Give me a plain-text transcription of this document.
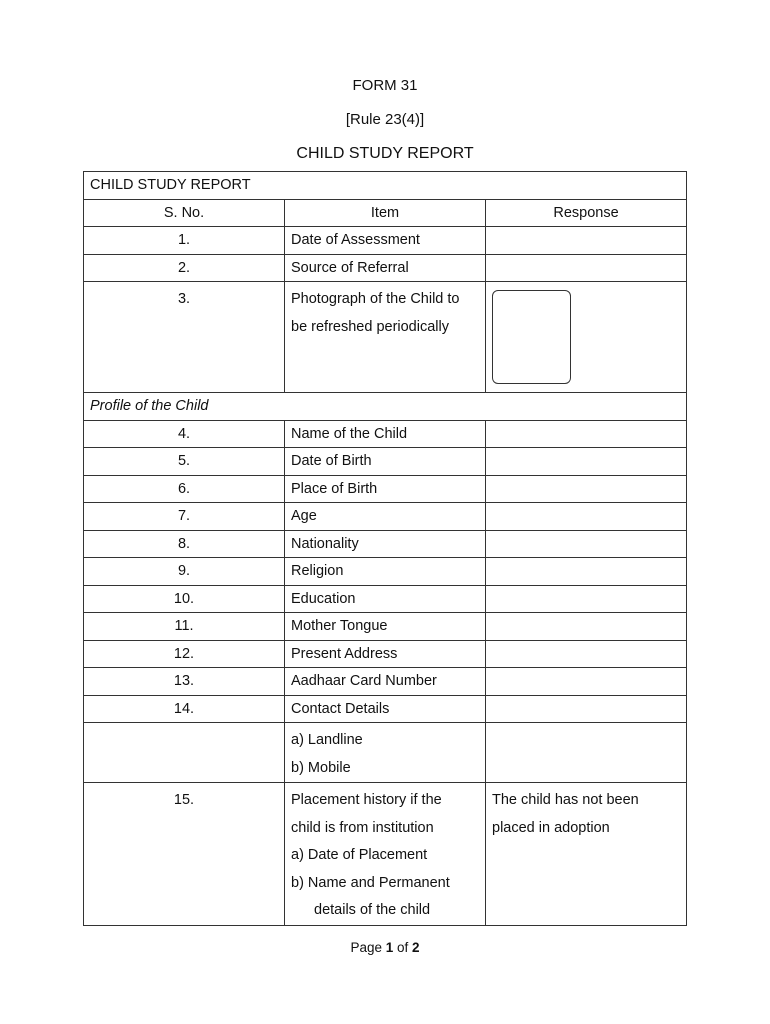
FORM 31
[Rule 23(4)]
CHILD STUDY REPORT
CHILD STUDY REPORT		
S. No.	Item	Response
1.	Date of Assessment	
2.	Source of Referral	
3.	Photograph of the Child to
be refreshed periodically	

Profile of the Child		
4.	Name of the Child	
5.	Date of Birth	
6.	Place of Birth	
7.	Age	
8.	Nationality	
9.	Religion	
10.	Education	
11.	Mother Tongue	
12.	Present Address	
13.	Aadhaar Card Number	
14.	Contact Details	

	a) Landline
b) Mobile	

15.	Placement history if the
child is from institution
a) Date of Placement
b) Name and Permanent
details of the child	The child has not been placed in adoption
Page 1 of 2
